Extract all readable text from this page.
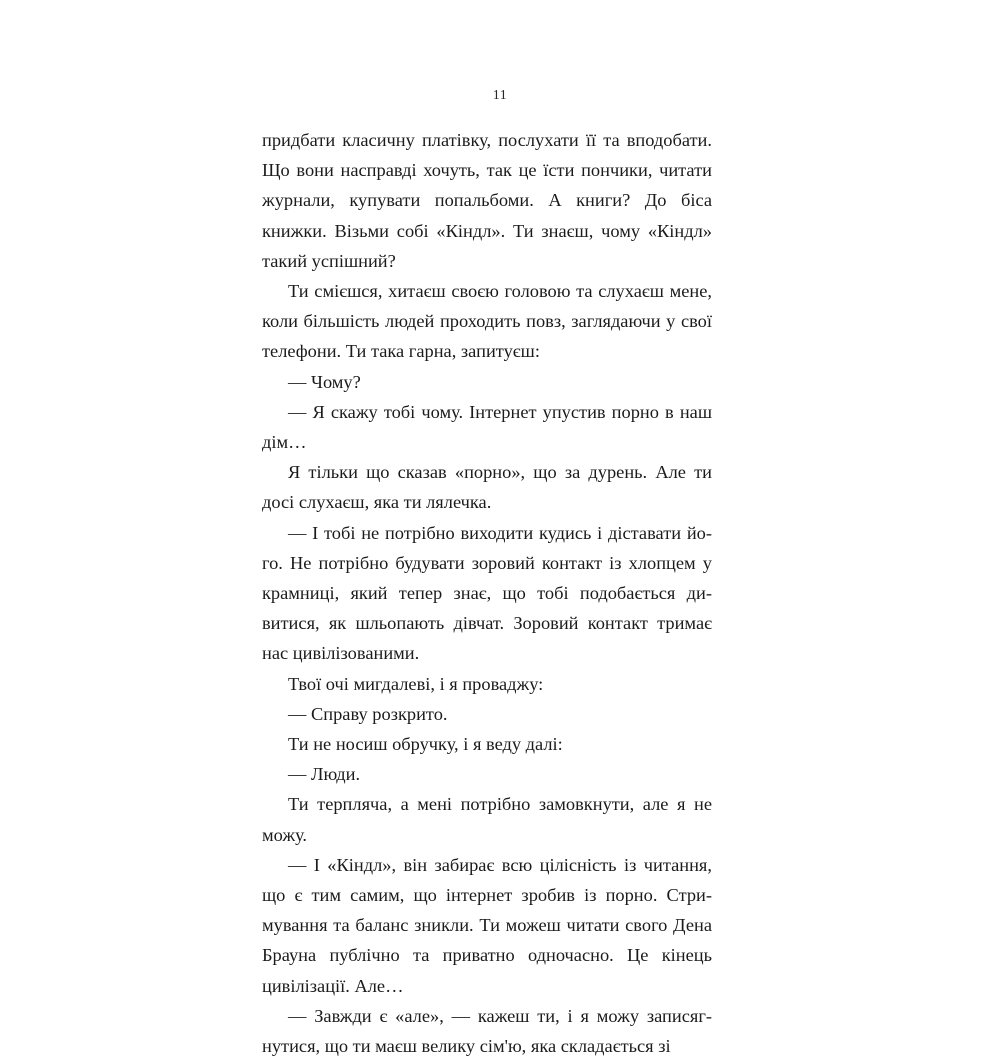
11

придбати класичну платівку, послухати її та вподобати. Що вони насправді хочуть, так це їсти пончики, читати журнали, купувати попальбоми. А книги? До біса книжки. Візьми собі «Кіндл». Ти знаєш, чому «Кіндл» такий успішний?

Ти смієшся, хитаєш своєю головою та слухаєш мене, коли більшість людей проходить повз, заглядаючи у свої телефони. Ти така гарна, запитуєш:

— Чому?

— Я скажу тобі чому. Інтернет упустив порно в наш дім…

Я тільки що сказав «порно», що за дурень. Але ти досі слухаєш, яка ти лялечка.

— І тобі не потрібно виходити кудись і діставати його. Не потрібно будувати зоровий контакт із хлопцем у крамниці, який тепер знає, що тобі подобається дивитися, як шльопають дівчат. Зоровий контакт тримає нас цивілізованими.

Твої очі мигдалеві, і я проваджу:

— Справу розкрито.

Ти не носиш обручку, і я веду далі:

— Люди.

Ти терпляча, а мені потрібно замовкнути, але я не можу.

— І «Кіндл», він забирає всю цілісність із читання, що є тим самим, що інтернет зробив із порно. Стримування та баланс зникли. Ти можеш читати свого Дена Брауна публічно та приватно одночасно. Це кінець цивілізації. Але…

— Завжди є «але», — кажеш ти, і я можу записягнутися, що ти маєш велику сім'ю, яка складається зі
